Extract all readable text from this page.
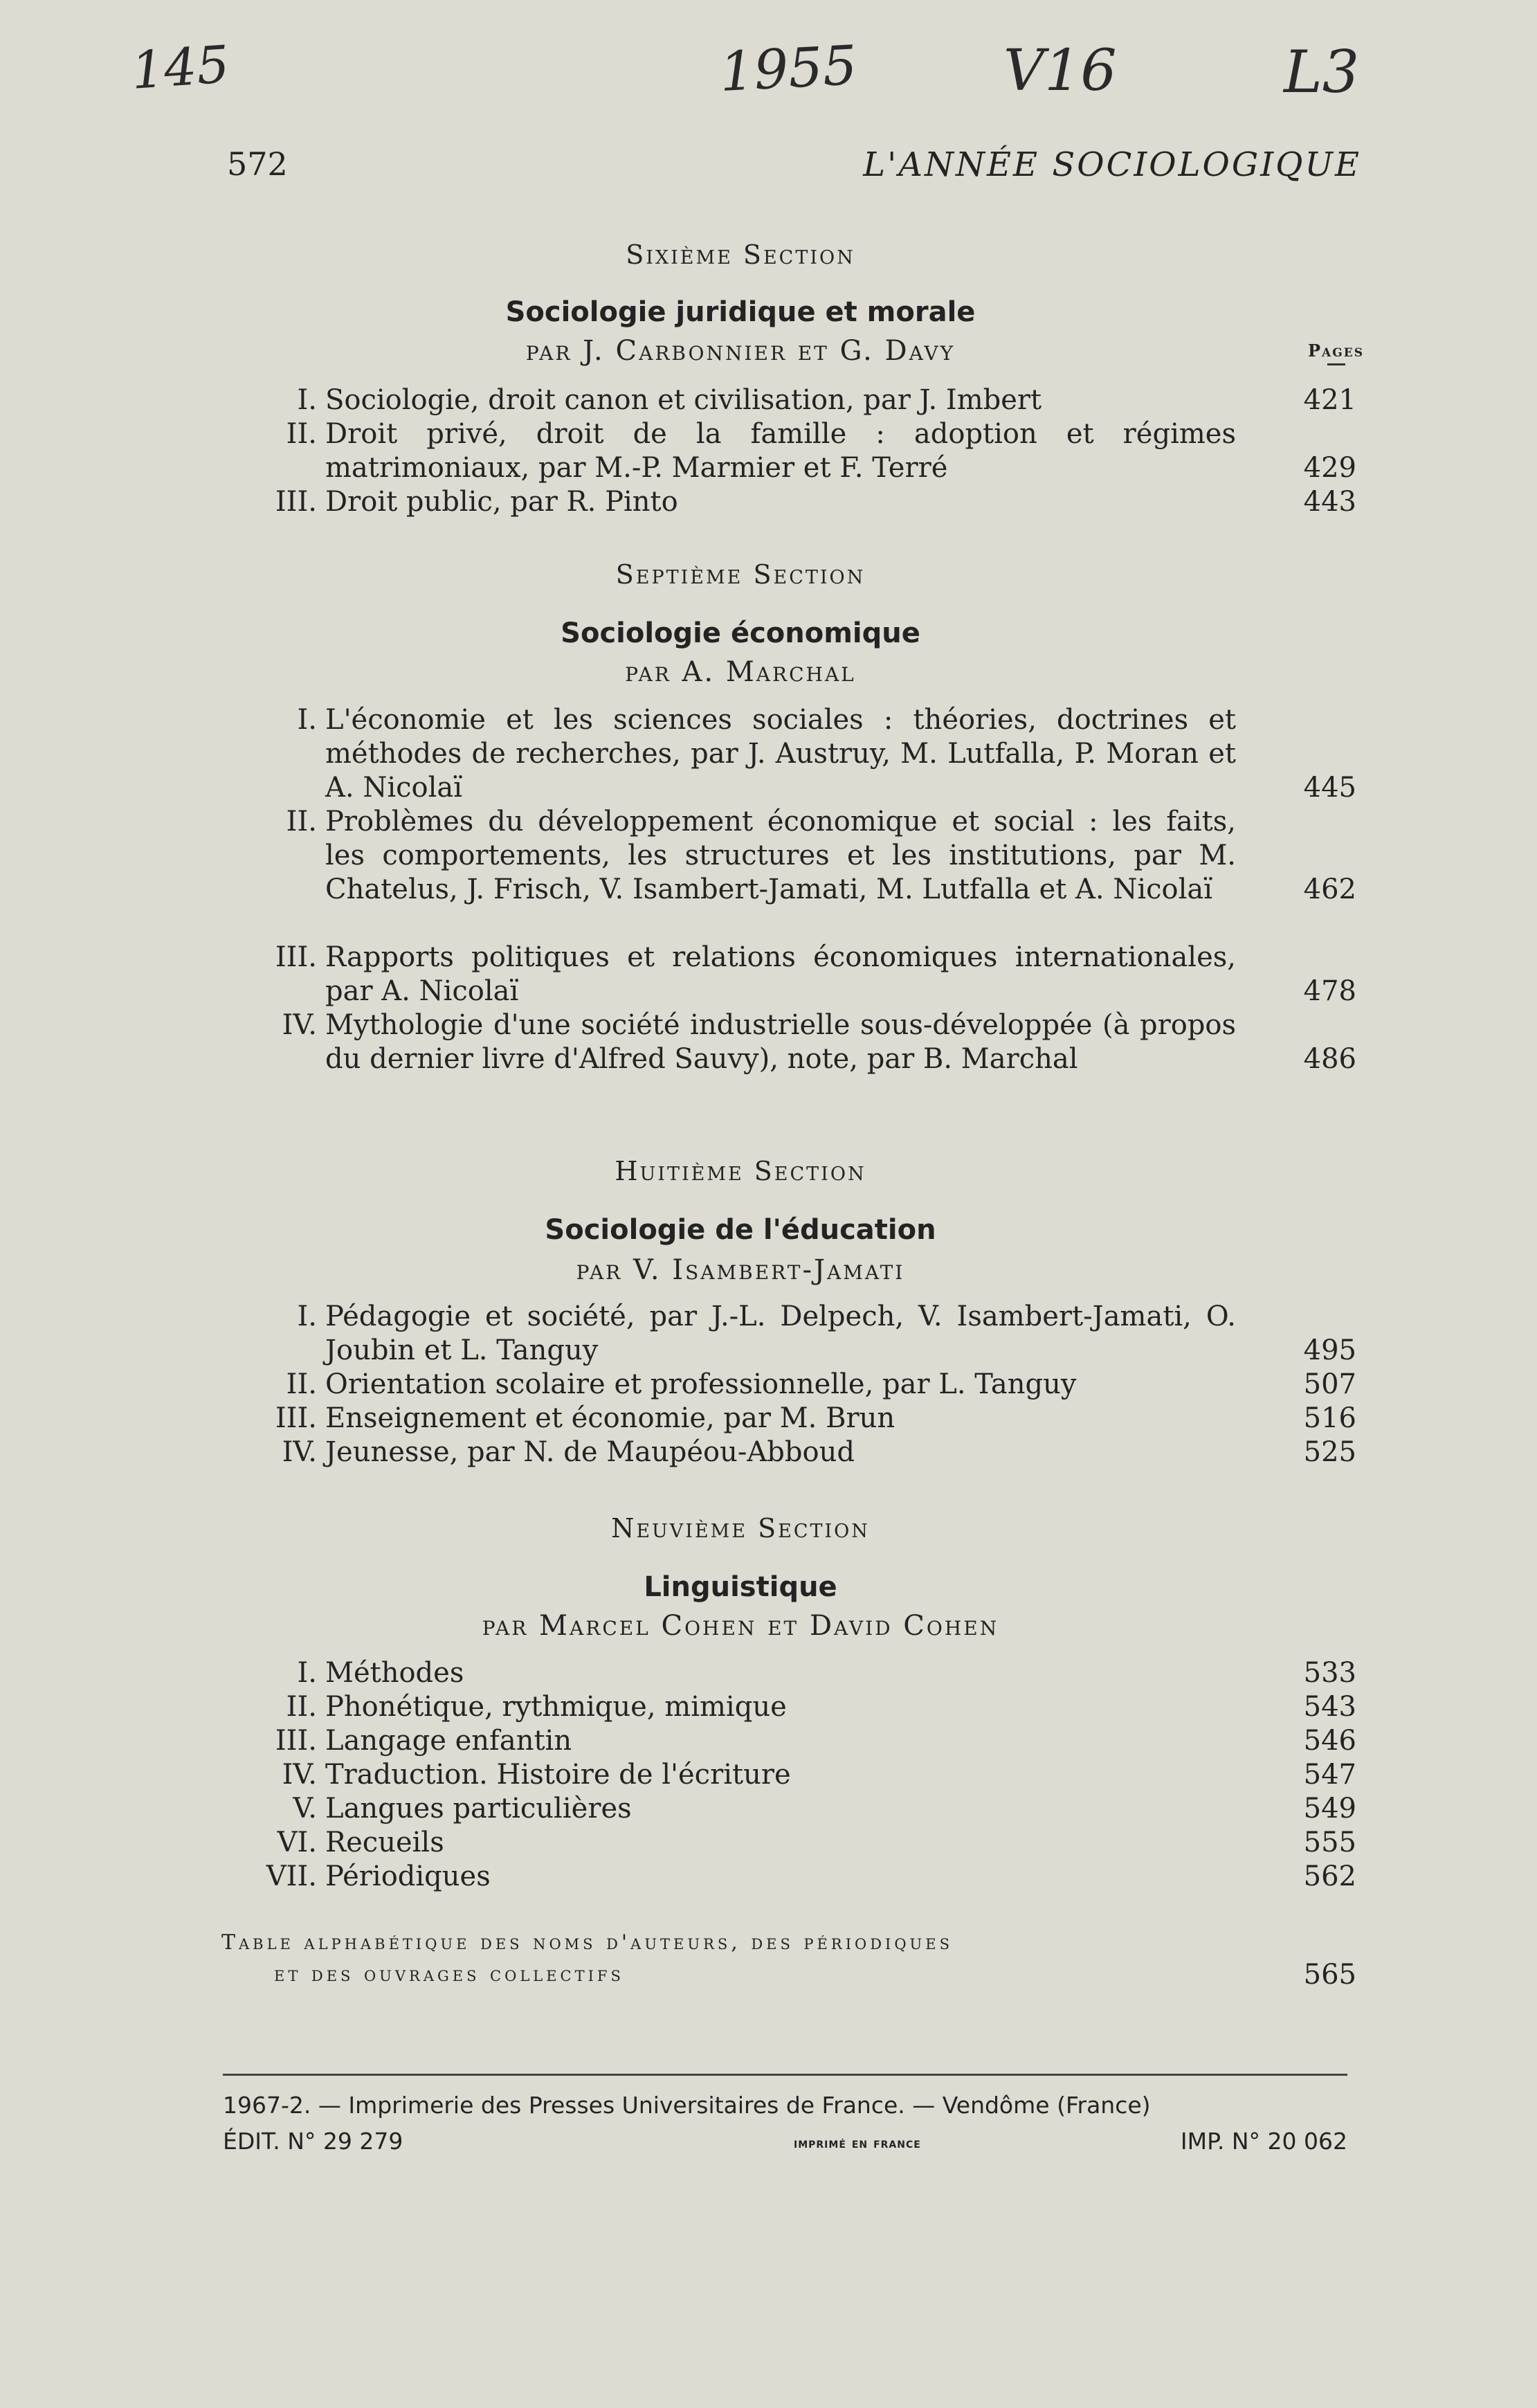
145	1955	V16	L3
572	L'ANNÉE SOCIOLOGIQUE
Sixième Section
Sociologie juridique et morale
par J. Carbonnier et G. Davy	Pages
I. Sociologie, droit canon et civilisation, par J. Imbert	421
II. Droit privé, droit de la famille : adoption et régimes matrimoniaux, par M.-P. Marmier et F. Terré	429
III. Droit public, par R. Pinto	443
Septième Section
Sociologie économique
par A. Marchal
I. L'économie et les sciences sociales : théories, doctrines et méthodes de recherches, par J. Austruy, M. Lutfalla, P. Moran et A. Nicolaï	445
II. Problèmes du développement économique et social : les faits, les comportements, les structures et les institutions, par M. Chatelus, J. Frisch, V. Isambert-Jamati, M. Lutfalla et A. Nicolaï	462
III. Rapports politiques et relations économiques internationales, par A. Nicolaï	478
IV. Mythologie d'une société industrielle sous-développée (à propos du dernier livre d'Alfred Sauvy), note, par B. Marchal	486
Huitième Section
Sociologie de l'éducation
par V. Isambert-Jamati
I. Pédagogie et société, par J.-L. Delpech, V. Isambert-Jamati, O. Joubin et L. Tanguy	495
II. Orientation scolaire et professionnelle, par L. Tanguy	507
III. Enseignement et économie, par M. Brun	516
IV. Jeunesse, par N. de Maupéou-Abboud	525
Neuvième Section
Linguistique
par Marcel Cohen et David Cohen
I. Méthodes	533
II. Phonétique, rythmique, mimique	543
III. Langage enfantin	546
IV. Traduction. Histoire de l'écriture	547
V. Langues particulières	549
VI. Recueils	555
VII. Périodiques	562
Table alphabétique des noms d'auteurs, des périodiques
et des ouvrages collectifs	565
1967-2. — Imprimerie des Presses Universitaires de France. — Vendôme (France)
ÉDIT. N° 29 279	imprimé en france	IMP. N° 20 062
